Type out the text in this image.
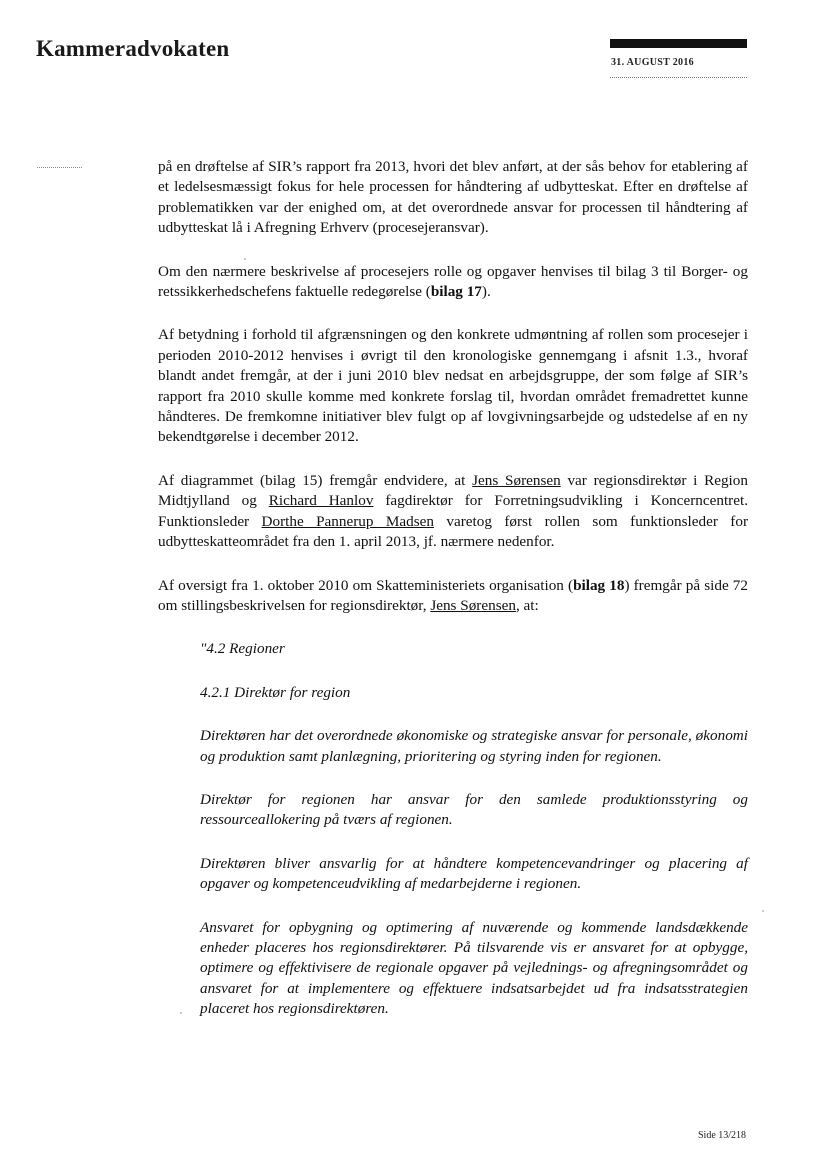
Kammeradvokaten
31. AUGUST 2016

på en drøftelse af SIR’s rapport fra 2013, hvori det blev anført, at der sås behov for etablering af et ledelsesmæssigt fokus for hele processen for håndtering af udbytteskat. Efter en drøftelse af problematikken var der enighed om, at det overordnede ansvar for processen til håndtering af udbytteskat lå i Afregning Erhverv (procesejeransvar).

Om den nærmere beskrivelse af procesejers rolle og opgaver henvises til bilag 3 til Borger- og retssikkerhedschefens faktuelle redegørelse (bilag 17).

Af betydning i forhold til afgrænsningen og den konkrete udmøntning af rollen som procesejer i perioden 2010-2012 henvises i øvrigt til den kronologiske gennemgang i afsnit 1.3., hvoraf blandt andet fremgår, at der i juni 2010 blev nedsat en arbejdsgruppe, der som følge af SIR’s rapport fra 2010 skulle komme med konkrete forslag til, hvordan området fremadrettet kunne håndteres. De fremkomne initiativer blev fulgt op af lovgivningsarbejde og udstedelse af en ny bekendtgørelse i december 2012.

Af diagrammet (bilag 15) fremgår endvidere, at Jens Sørensen var regionsdirektør i Region Midtjylland og Richard Hanlov fagdirektør for Forretningsudvikling i Koncerncentret. Funktionsleder Dorthe Pannerup Madsen varetog først rollen som funktionsleder for udbytteskatteområdet fra den 1. april 2013, jf. nærmere nedenfor.

Af oversigt fra 1. oktober 2010 om Skatteministeriets organisation (bilag 18) fremgår på side 72 om stillingsbeskrivelsen for regionsdirektør, Jens Sørensen, at:

"4.2 Regioner

4.2.1 Direktør for region

Direktøren har det overordnede økonomiske og strategiske ansvar for personale, økonomi og produktion samt planlægning, prioritering og styring inden for regionen.

Direktør for regionen har ansvar for den samlede produktionsstyring og ressourceallokering på tværs af regionen.

Direktøren bliver ansvarlig for at håndtere kompetencevandringer og placering af opgaver og kompetenceudvikling af medarbejderne i regionen.

Ansvaret for opbygning og optimering af nuværende og kommende landsdækkende enheder placeres hos regionsdirektører. På tilsvarende vis er ansvaret for at opbygge, optimere og effektivisere de regionale opgaver på vejlednings- og afregningsområdet og ansvaret for at implementere og effektuere indsatsarbejdet ud fra indsatsstrategien placeret hos regionsdirektøren.

Side 13/218
